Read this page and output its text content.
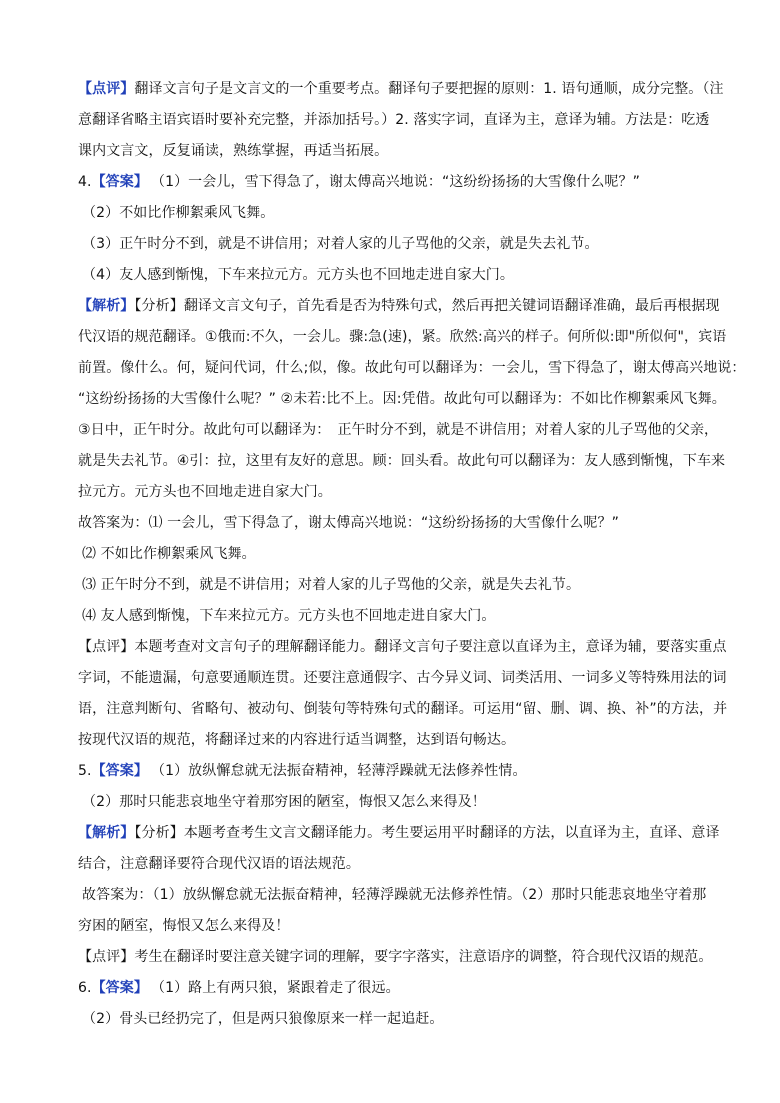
【点评】翻译文言句子是文言文的一个重要考点。翻译句子要把握的原则：1. 语句通顺，成分完整。（注
意翻译省略主语宾语时要补充完整，并添加括号。）2. 落实字词，直译为主，意译为辅。方法是：吃透
课内文言文，反复诵读，熟练掌握，再适当拓展。
4.【答案】 （1）一会儿，雪下得急了，谢太傅高兴地说：“这纷纷扬扬的大雪像什么呢？”
（2）不如比作柳絮乘风飞舞。
（3）正午时分不到，就是不讲信用；对着人家的儿子骂他的父亲，就是失去礼节。
（4）友人感到惭愧，下车来拉元方。元方头也不回地走进自家大门。
【解析】【分析】翻译文言文句子，首先看是否为特殊句式，然后再把关键词语翻译准确，最后再根据现
代汉语的规范翻译。①俄而:不久，一会儿。骤:急(速)，紧。欣然:高兴的样子。何所似:即"所似何"，宾语
前置。像什么。何，疑问代词，什么;似，像。故此句可以翻译为：一会儿，雪下得急了，谢太傅高兴地说：
“这纷纷扬扬的大雪像什么呢？” ②未若:比不上。因:凭借。故此句可以翻译为：不如比作柳絮乘风飞舞。
③日中，正午时分。故此句可以翻译为：　正午时分不到，就是不讲信用；对着人家的儿子骂他的父亲，
就是失去礼节。④引：拉，这里有友好的意思。顾：回头看。故此句可以翻译为：友人感到惭愧，下车来
拉元方。元方头也不回地走进自家大门。
故答案为：⑴ 一会儿，雪下得急了，谢太傅高兴地说：“这纷纷扬扬的大雪像什么呢？”
⑵ 不如比作柳絮乘风飞舞。
⑶ 正午时分不到，就是不讲信用；对着人家的儿子骂他的父亲，就是失去礼节。
⑷ 友人感到惭愧，下车来拉元方。元方头也不回地走进自家大门。
【点评】本题考查对文言句子的理解翻译能力。翻译文言句子要注意以直译为主，意译为辅，要落实重点
字词，不能遗漏，句意要通顺连贯。还要注意通假字、古今异义词、词类活用、一词多义等特殊用法的词
语，注意判断句、省略句、被动句、倒装句等特殊句式的翻译。可运用“留、删、调、换、补”的方法，并
按现代汉语的规范，将翻译过来的内容进行适当调整，达到语句畅达。
5.【答案】 （1）放纵懈怠就无法振奋精神，轻薄浮躁就无法修养性情。
（2）那时只能悲哀地坐守着那穷困的陋室，悔恨又怎么来得及！
【解析】【分析】本题考查考生文言文翻译能力。考生要运用平时翻译的方法，以直译为主，直译、意译
结合，注意翻译要符合现代汉语的语法规范。
故答案为：（1）放纵懈怠就无法振奋精神，轻薄浮躁就无法修养性情。（2）那时只能悲哀地坐守着那
穷困的陋室，悔恨又怎么来得及！
【点评】考生在翻译时要注意关键字词的理解，要字字落实，注意语序的调整，符合现代汉语的规范。
6.【答案】 （1）路上有两只狼，紧跟着走了很远。
（2）骨头已经扔完了，但是两只狼像原来一样一起追赶。
